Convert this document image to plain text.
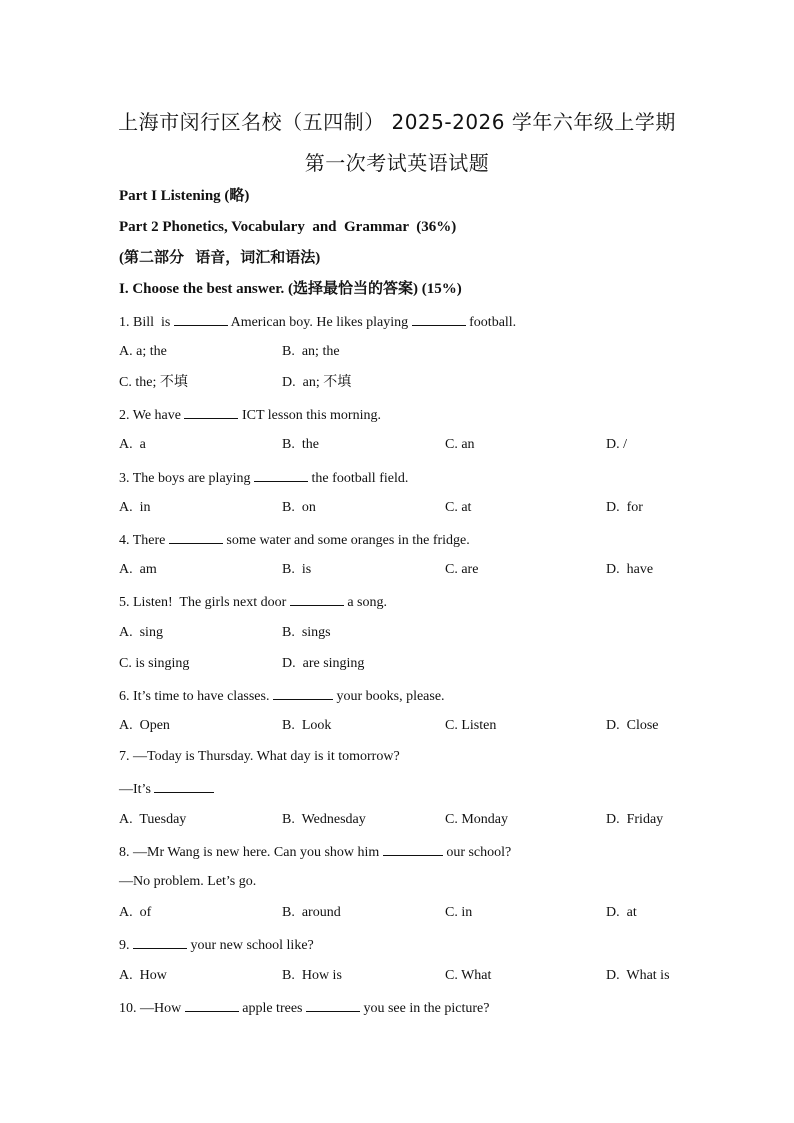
上海市闵行区名校（五四制） 2025-2026 学年六年级上学期
第一次考试英语试题
Part I Listening (略)
Part 2 Phonetics, Vocabulary  and  Grammar  (36%)
(第二部分   语音，词汇和语法)
I. Choose the best answer. (选择最恰当的答案) (15%)
1. Bill  is	American boy. He likes playing	football.
A. a; the	B.  an; the
C. the; 不填	D.  an; 不填
2. We have	ICT lesson this morning.
A.  a	B.  the	C. an	D. /
3. The boys are playing	the football field.
A.  in	B.  on	C. at	D.  for
4. There	some water and some oranges in the fridge.
A.  am	B.  is	C. are	D.  have
5. Listen!  The girls next door	a song.
A.  sing	B.  sings
C. is singing	D.  are singing
6. It’s time to have classes.	your books, please.
A.  Open	B.  Look	C. Listen	D.  Close
7. —Today is Thursday. What day is it tomorrow?
—It’s
A.  Tuesday	B.  Wednesday	C. Monday	D.  Friday
8. —Mr Wang is new here. Can you show him	our school?
—No problem. Let’s go.
A.  of	B.  around	C. in	D.  at
9.	your new school like?
A.  How	B.  How is	C. What	D.  What is
10. —How	apple trees	you see in the picture?
